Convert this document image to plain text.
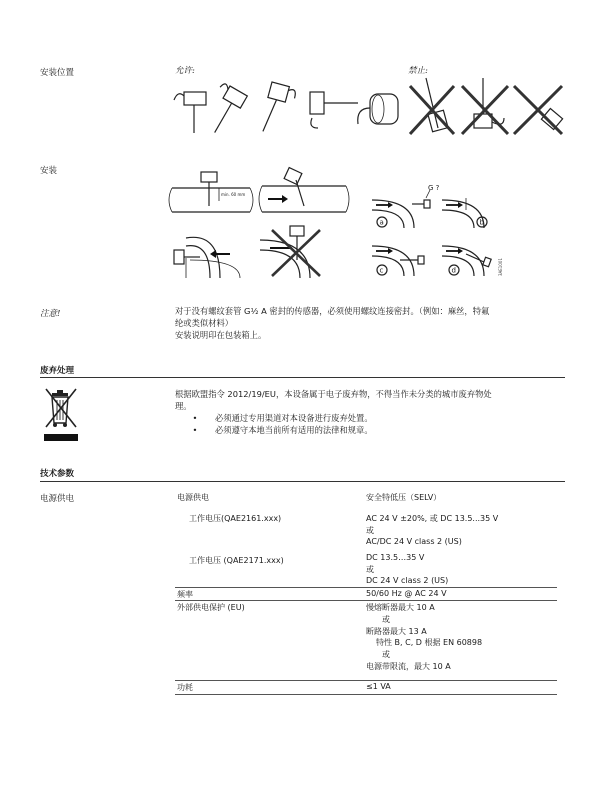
安装位置	允许:	禁止:
安装
min. 60 mm
G ?
a	b
c	d	3AE1001
注意!	对于没有螺纹套管 G½ A 密封的传感器，必须使用螺纹连接密封。（例如：麻丝，特氟
纶或类似材料）
安装说明印在包装箱上。
废弃处理
根据欧盟指令 2012/19/EU，本设备属于电子废弃物，不得当作未分类的城市废弃物处
理。
•	必须通过专用渠道对本设备进行废弃处置。
•	必须遵守本地当前所有适用的法律和规章。
技术参数
电源供电	电源供电	安全特低压（SELV）
工作电压(QAE2161.xxx)	AC 24 V ±20%, 或 DC 13.5...35 V
或
AC/DC 24 V class 2 (US)
工作电压 (QAE2171.xxx)	DC 13.5…35 V
或
DC 24 V class 2 (US)
频率	50/60 Hz @ AC 24 V
外部供电保护 (EU)	慢熔断器最大 10 A
或
断路器最大 13 A
特性 B, C, D 根据 EN 60898
或
电源带限流，最大 10 A
功耗	≤1 VA
